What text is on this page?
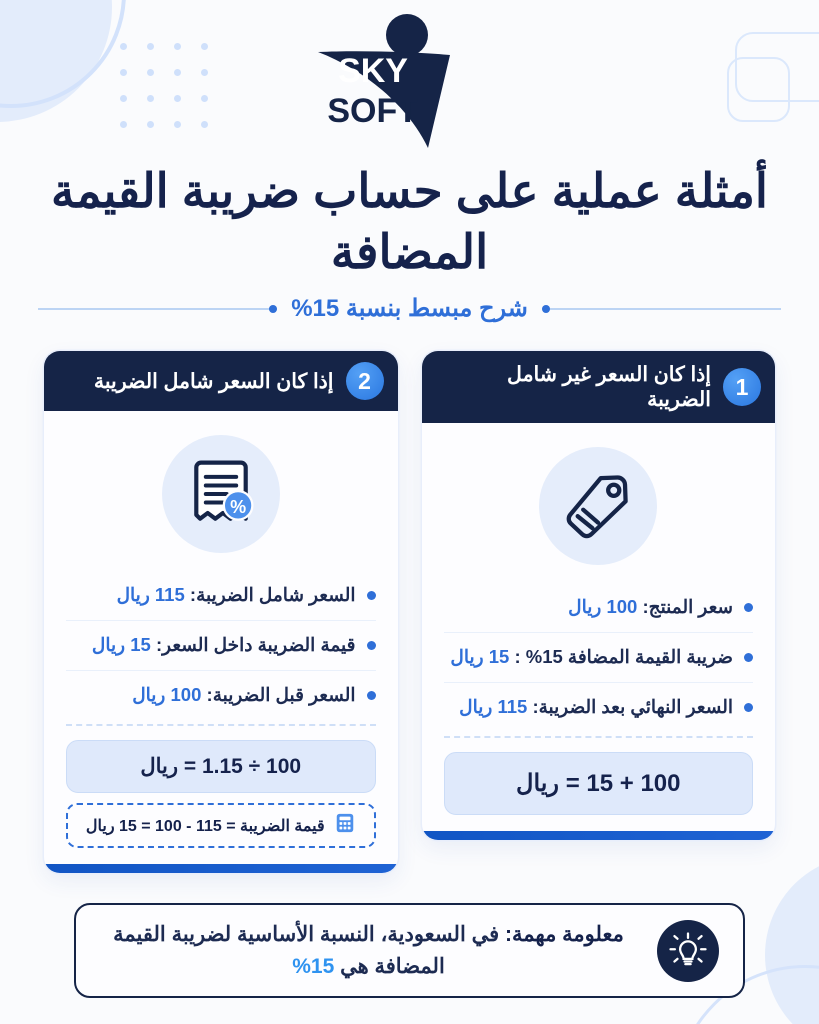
SKY
SOFT
أمثلة عملية على حساب ضريبة القيمة المضافة
شرح مبسط بنسبة 15%
1
إذا كان السعر غير شامل الضريبة
سعر المنتج: 100 ريال
ضريبة القيمة المضافة 15% : 15 ريال
السعر النهائي بعد الضريبة: 115 ريال
100 + 15 = ريال
2
إذا كان السعر شامل الضريبة
%
السعر شامل الضريبة: 115 ريال
قيمة الضريبة داخل السعر: 15 ريال
السعر قبل الضريبة: 100 ريال
100 ÷ 1.15 = ريال
قيمة الضريبة = 115 - 100 = 15 ريال
معلومة مهمة: في السعودية، النسبة الأساسية لضريبة القيمة المضافة هي 15%
